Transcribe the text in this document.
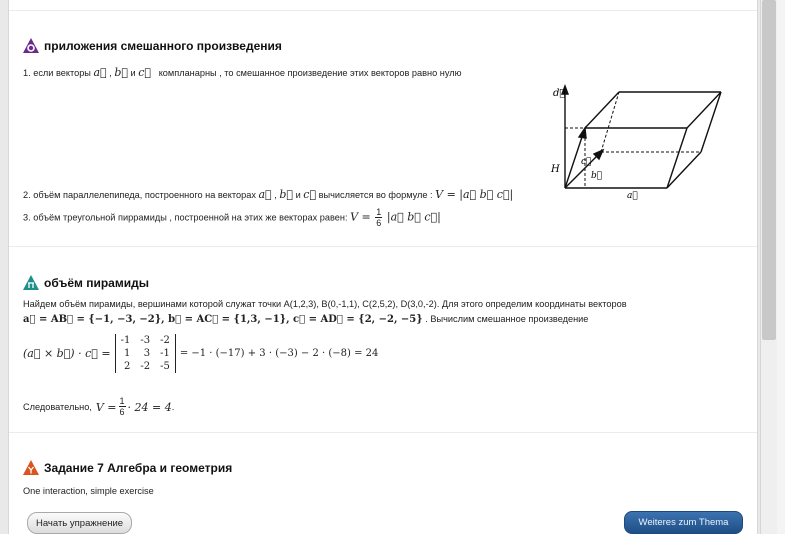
приложения смешанного произведения
1. если векторы a⃗ , b⃗ и c⃗ компланарны , то смешанное произведение этих векторов равно нулю
d⃗
H
c⃗
b⃗
a⃗
2. объём параллелепипеда, построенного на векторах a⃗ , b⃗ и c⃗ вычисляется во формуле : V = |a⃗ b⃗ c⃗|
3. объём треугольной пиррамиды , построенной на этих же векторах равен: $V = \frac{1}{6}$ |a⃗ b⃗ c⃗|
объём пирамиды
Найдем объём пирамиды, вершинами которой служат точки A(1,2,3), B(0,-1,1), C(2,5,2), D(3,0,-2). Для этого определим координаты векторов
a⃗ = AB⃗ = {−1, −3, −2}, b⃗ = AC⃗ = {1,3, −1}, c⃗ = AD⃗ = {2, −2, −5} . Вычислим смешанное произведение
(a⃗ × b⃗) · c⃗ =
-1	-3	-2
1	3	-1
2	-2	-5
= −1 · (−17) + 3 · (−3) − 2 · (−8) = 24
Следовательно, $V = \frac{1}{6} \cdot 24 = 4$ .
Задание 7 Алгебра и геометрия
One interaction, simple exercise
Начать упражнение	Weiteres zum Thema
